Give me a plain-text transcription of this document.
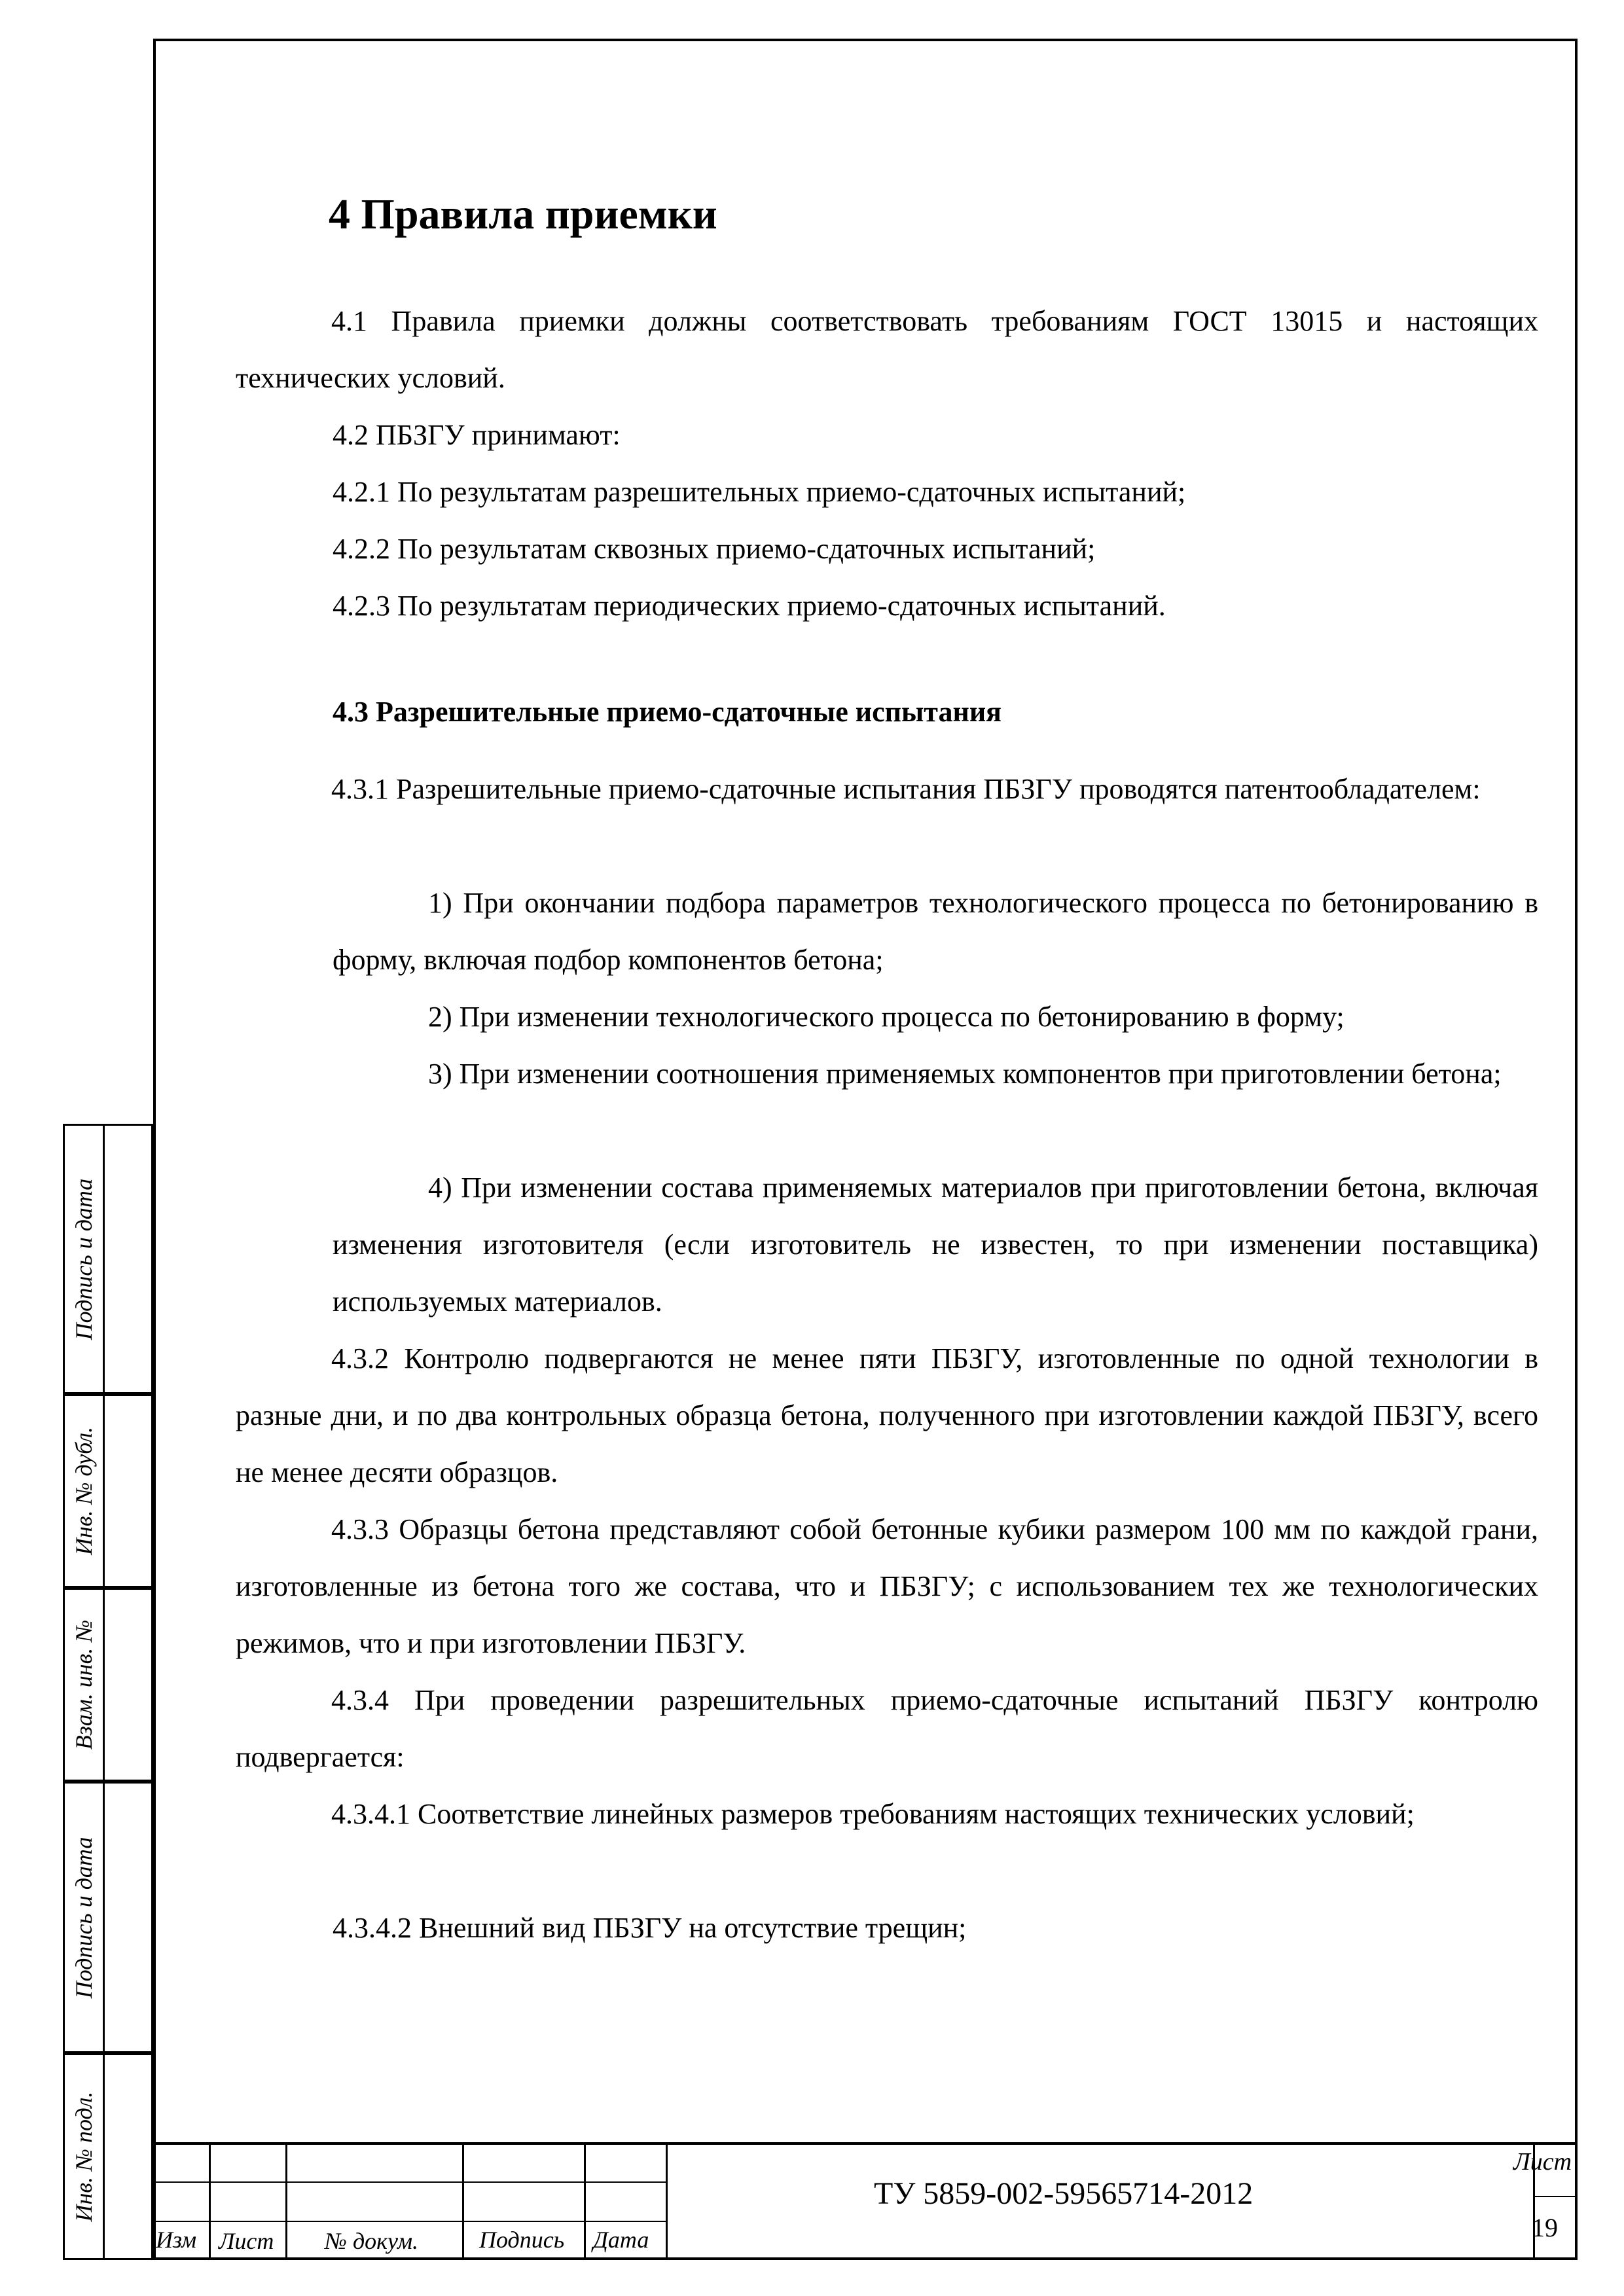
Подпись и дата
Инв. № дубл.
Взам. инв. №
Подпись и дата
Инв. № подл.
4 Правила приемки

4.1 Правила приемки должны соответствовать требованиям ГОСТ 13015 и настоящих технических условий.

4.2 ПБЗГУ принимают:

4.2.1 По результатам разрешительных приемо-сдаточных испытаний;

4.2.2 По результатам сквозных приемо-сдаточных испытаний;

4.2.3 По результатам периодических приемо-сдаточных испытаний.

4.3 Разрешительные приемо-сдаточные испытания

4.3.1 Разрешительные приемо-сдаточные испытания ПБЗГУ проводятся патентообладателем:

1) При окончании подбора параметров технологического процесса по бетонированию в форму, включая подбор компонентов бетона;

2) При изменении технологического процесса по бетонированию в форму;

3) При изменении соотношения применяемых компонентов при приготовлении бетона;

4) При изменении состава применяемых материалов при приготовлении бетона, включая изменения изготовителя (если изготовитель не известен, то при изменении поставщика) используемых материалов.

4.3.2 Контролю подвергаются не менее пяти ПБЗГУ, изготовленные по одной технологии в разные дни, и по два контрольных образца бетона, полученного при изготовлении каждой ПБЗГУ, всего не менее десяти образцов.

4.3.3 Образцы бетона представляют собой бетонные кубики размером 100 мм по каждой грани, изготовленные из бетона того же состава, что и ПБЗГУ; с использованием тех же технологических режимов, что и при изготовлении ПБЗГУ.

4.3.4 При проведении разрешительных приемо-сдаточные испытаний ПБЗГУ контролю подвергается:

4.3.4.1 Соответствие линейных размеров требованиям настоящих технических условий;

4.3.4.2 Внешний вид ПБЗГУ на отсутствие трещин;

Изм Лист № докум.	Подпись Дата
ТУ 5859-002-59565714-2012
Лист
19
